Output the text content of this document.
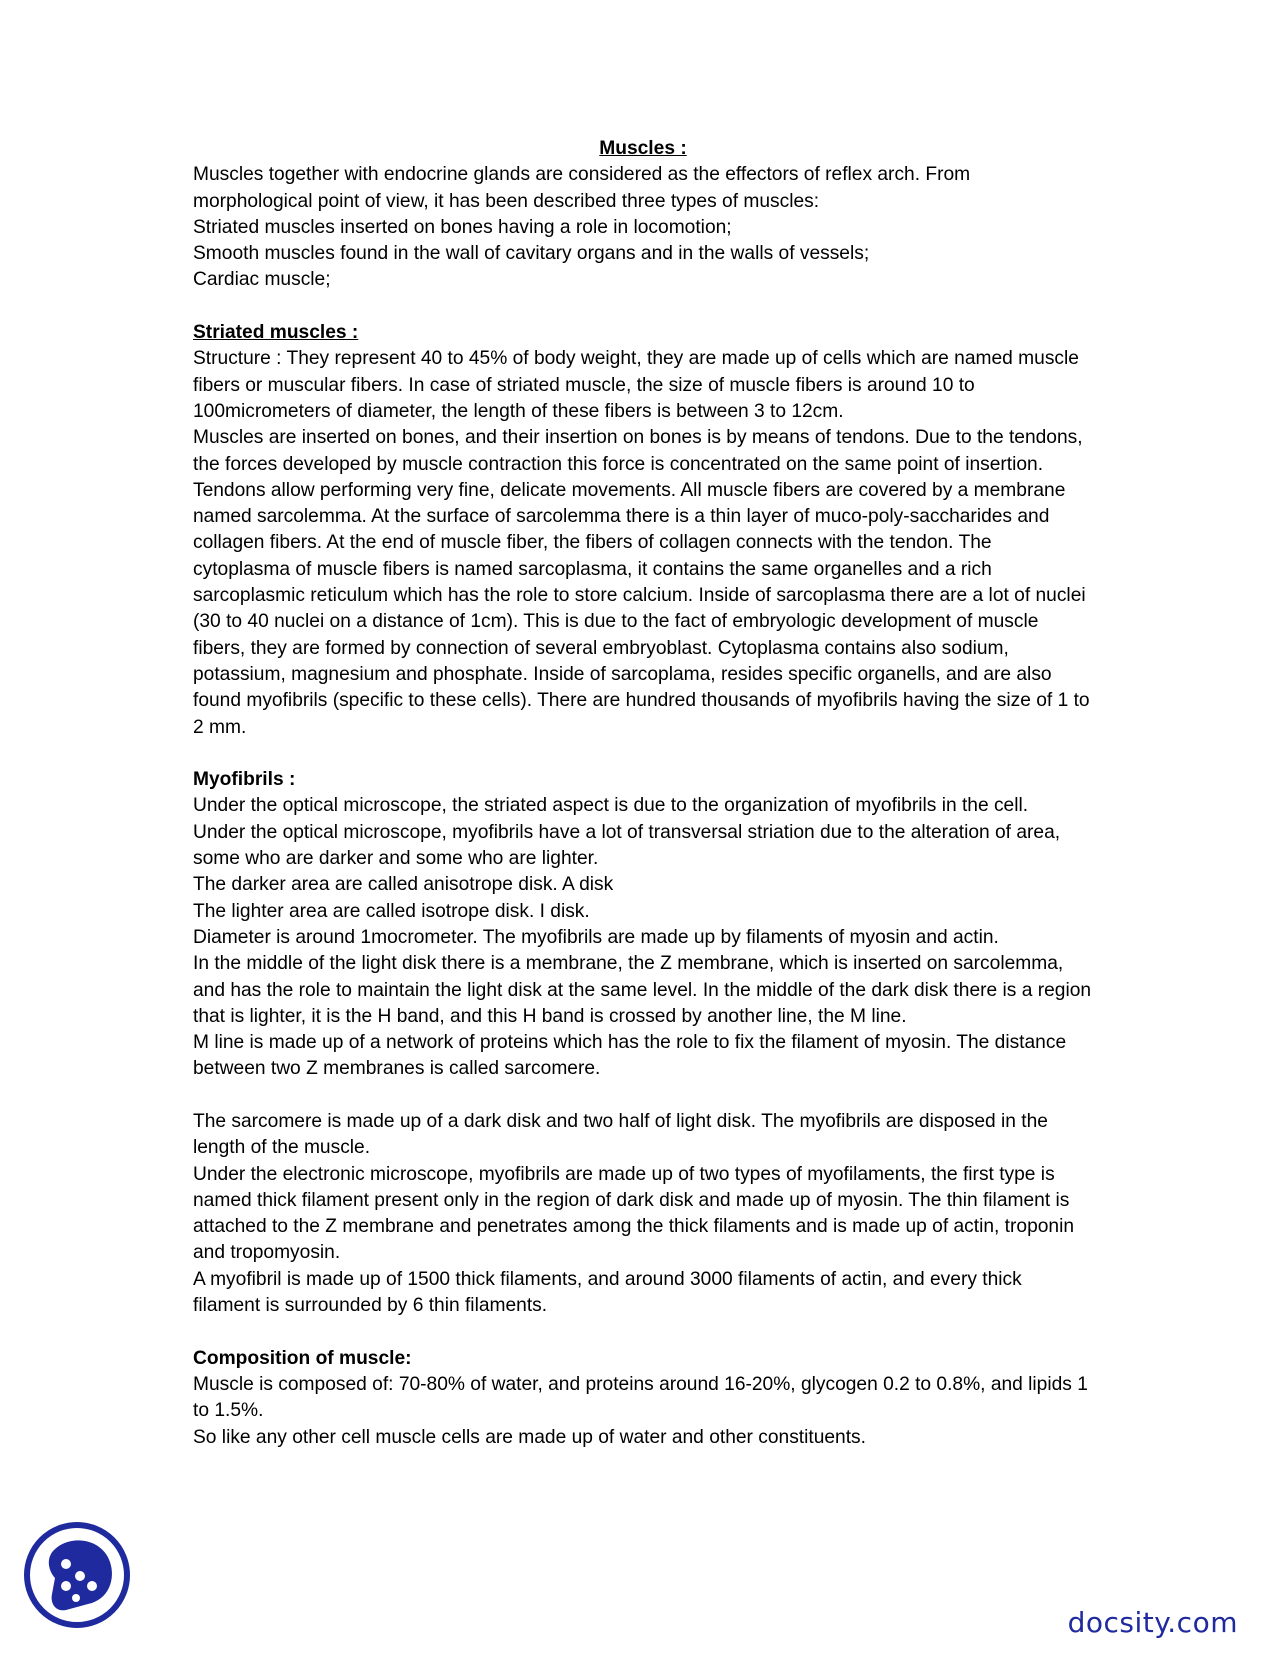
Muscles :

Muscles together with endocrine glands are considered as the effectors of reflex arch. From morphological point of view, it has been described three types of muscles:

Striated muscles inserted on bones having a role in locomotion;

Smooth muscles found in the wall of cavitary organs and in the walls of vessels;

Cardiac muscle;

Striated muscles :

Structure : They represent 40 to 45% of body weight, they are made up of cells which are named muscle fibers or muscular fibers. In case of striated muscle, the size of muscle fibers is around 10 to 100micrometers of diameter, the length of these fibers is between 3 to 12cm.

Muscles are inserted on bones, and their insertion on bones is by means of tendons. Due to the tendons, the forces developed by muscle contraction this force is concentrated on the same point of insertion. Tendons allow performing very fine, delicate movements. All muscle fibers are covered by a membrane named sarcolemma. At the surface of sarcolemma there is a thin layer of muco-poly-saccharides and collagen fibers. At the end of muscle fiber, the fibers of collagen connects with the tendon. The cytoplasma of muscle fibers is named sarcoplasma, it contains the same organelles and a rich sarcoplasmic reticulum which has the role to store calcium. Inside of sarcoplasma there are a lot of nuclei (30 to 40 nuclei on a distance of 1cm). This is due to the fact of embryologic development of muscle fibers, they are formed by connection of several embryoblast. Cytoplasma contains also sodium, potassium, magnesium and phosphate. Inside of sarcoplama, resides specific organells, and are also found myofibrils (specific to these cells). There are hundred thousands of myofibrils having the size of 1 to 2 mm.

Myofibrils :

Under the optical microscope, the striated aspect is due to the organization of myofibrils in the cell.

Under the optical microscope, myofibrils have a lot of transversal striation due to the alteration of area, some who are darker and some who are lighter.

The darker area are called anisotrope disk. A disk

The lighter area are called isotrope disk. I disk.

Diameter is around 1mocrometer. The myofibrils are made up by filaments of myosin and actin.

In the middle of the light disk there is a membrane, the Z membrane, which is inserted on sarcolemma, and has the role to maintain the light disk at the same level. In the middle of the dark disk there is a region that is lighter, it is the H band, and this H band is crossed by another line, the M line.

M line is made up of a network of proteins which has the role to fix the filament of myosin. The distance between two Z membranes is called sarcomere.

The sarcomere is made up of a dark disk and two half of light disk. The myofibrils are disposed in the length of the muscle.

Under the electronic microscope, myofibrils are made up of two types of myofilaments, the first type is named thick filament present only in the region of dark disk and made up of myosin. The thin filament is attached to the Z membrane and penetrates among the thick filaments and is made up of actin, troponin and tropomyosin.

A myofibril is made up of 1500 thick filaments, and around 3000 filaments of actin, and every thick filament is surrounded by 6 thin filaments.

Composition of muscle:

Muscle is composed of: 70-80% of water, and proteins around 16-20%, glycogen 0.2 to 0.8%, and lipids 1 to 1.5%.

So like any other cell muscle cells are made up of water and other constituents.

docsity.com
